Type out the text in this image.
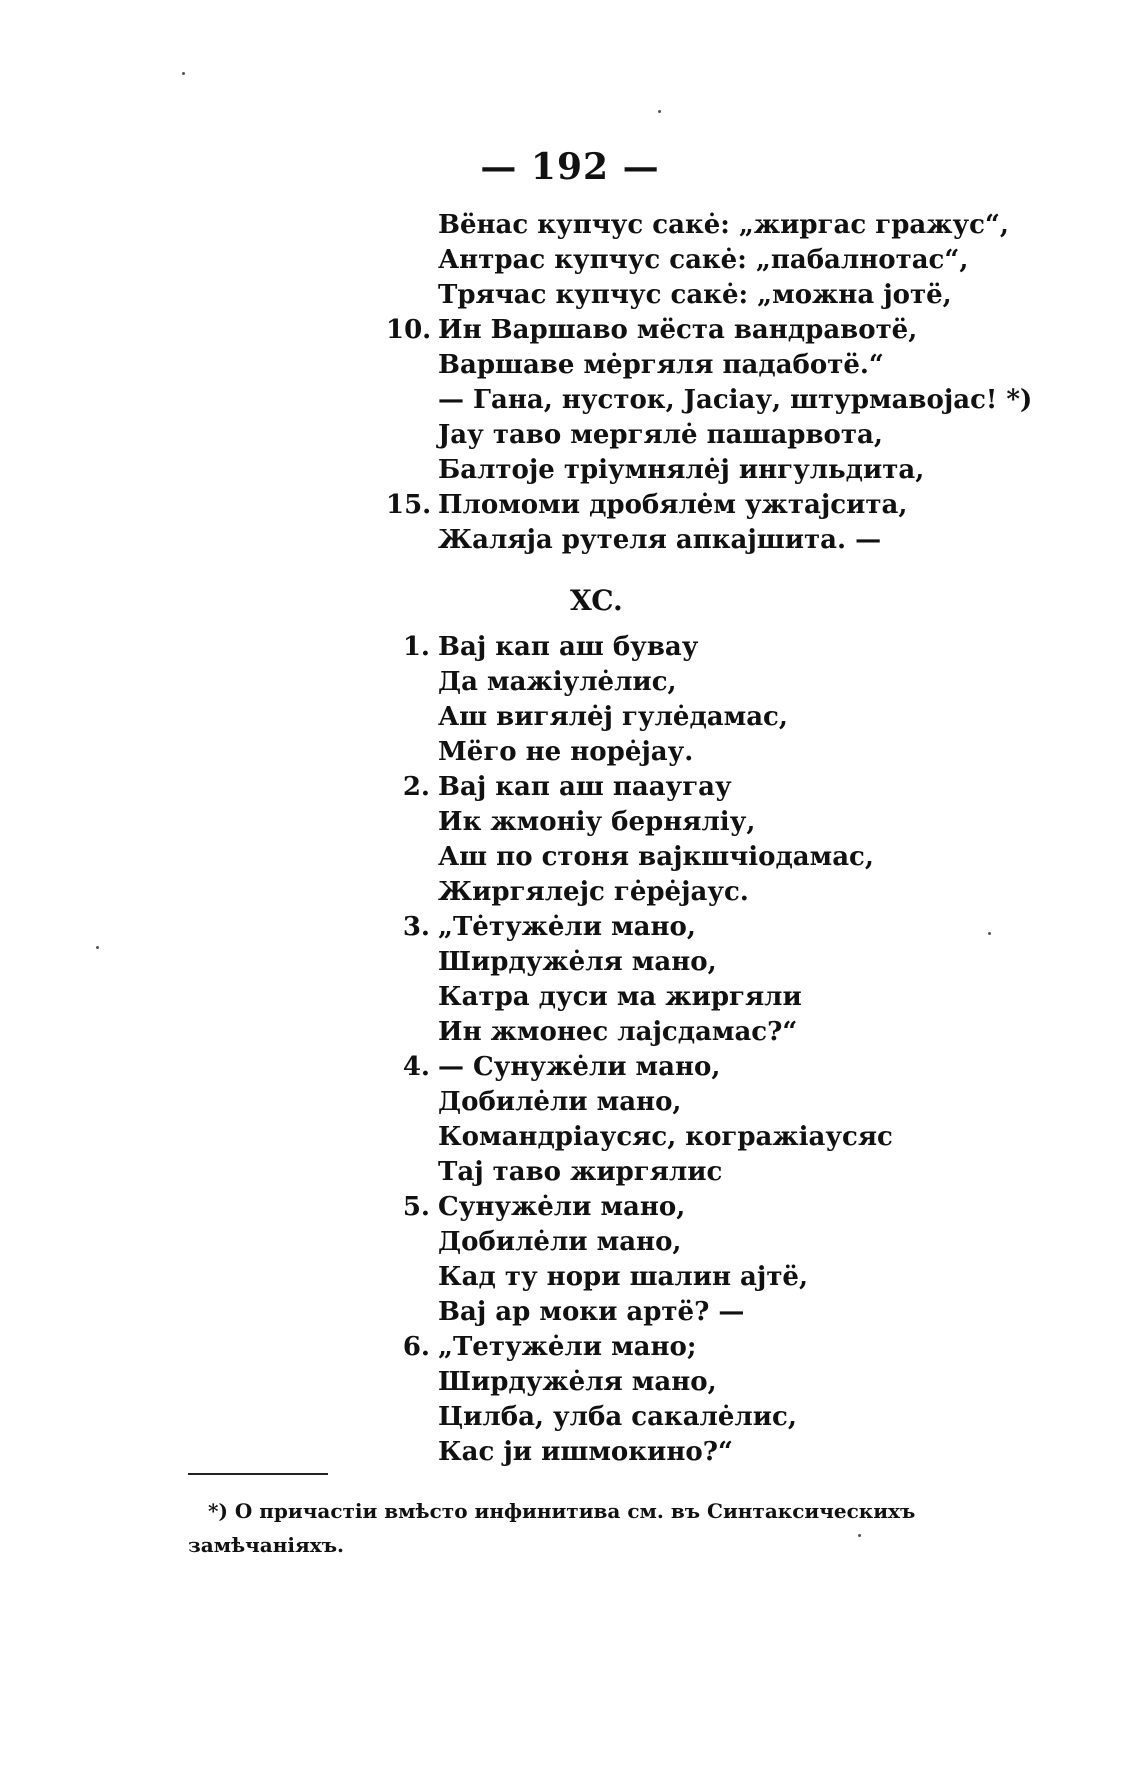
— 192 —
Вёнас купчус сакė: „жиргас гражус“,
Антрас купчус сакė: „пабалнотас“,
Трячас купчус сакė: „можна јотё,
10. Ин Варшаво мёста вандравотё,
Варшаве мėргяля падаботё.“
— Гана, нусток, Јасіау, штурмавојас! *)
Јау таво мергялė пашарвота,
Балтоје тріумнялėј ингульдита,
15. Пломоми дробялėм ужтајсита,
Жаляја рутеля апкајшита. —
XC.
1. Вај кап аш бувау
Да мажіулėлис,
Аш вигялėј гулėдамас,
Мёго не норėјау.
2. Вај кап аш пааугау
Ик жмоніу берняліу,
Аш по стоня вајкшчіодамас,
Жиргялејс гėрėјаус.
3. „Тėтужėли мано,
Ширдужėля мано,
Катра дуси ма жиргяли
Ин жмонес лајсдамас?“
4. — Сунужėли мано,
Добилėли мано,
Командріаусяс, когражіаусяс
Тај таво жиргялис
5. Сунужėли мано,
Добилėли мано,
Кад ту нори шалин ајтё,
Вај ар моки артё? —
6. „Тетужėли мано;
Ширдужėля мано,
Цилба, улба сакалėлис,
Кас ји ишмокино?“
*) О причастіи вмѣсто инфинитива см. въ Синтаксическихъ замѣчаніяхъ.
